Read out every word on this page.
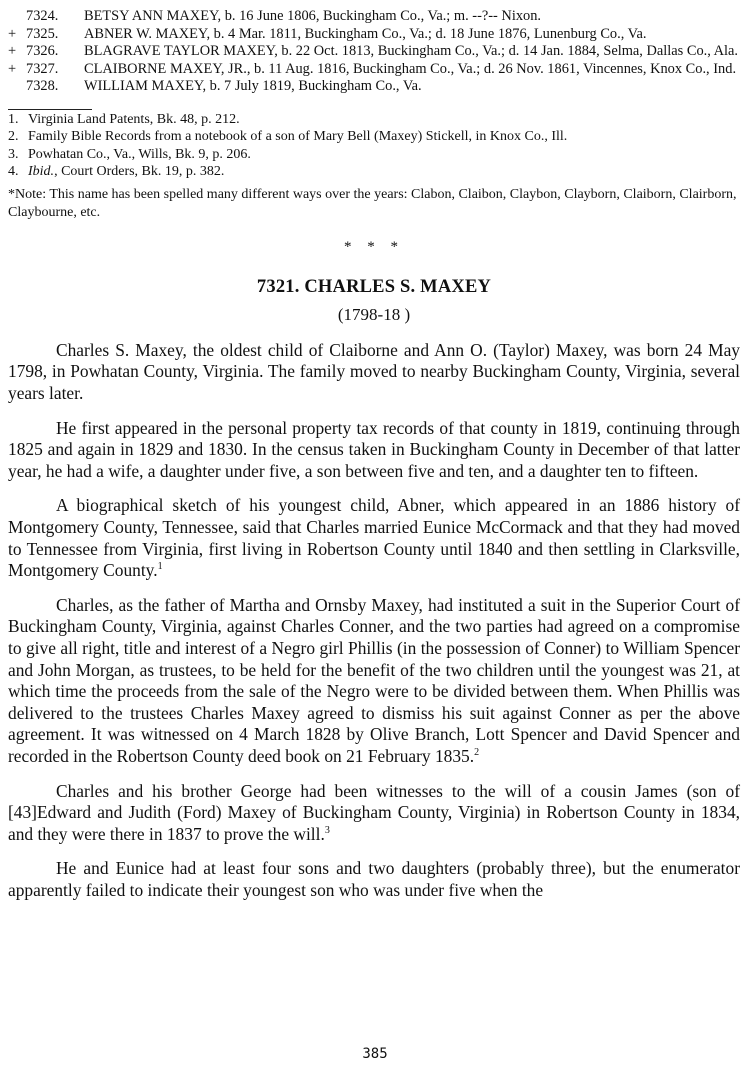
7324.	BETSY ANN MAXEY, b. 16 June 1806, Buckingham Co., Va.; m. --?-- Nixon.
+ 7325.	ABNER W. MAXEY, b. 4 Mar. 1811, Buckingham Co., Va.; d. 18 June 1876, Lunenburg Co., Va.
+ 7326.	BLAGRAVE TAYLOR MAXEY, b. 22 Oct. 1813, Buckingham Co., Va.; d. 14 Jan. 1884, Selma, Dallas Co., Ala.
+ 7327.	CLAIBORNE MAXEY, JR., b. 11 Aug. 1816, Buckingham Co., Va.; d. 26 Nov. 1861, Vincennes, Knox Co., Ind.
7328.	WILLIAM MAXEY, b. 7 July 1819, Buckingham Co., Va.
1. Virginia Land Patents, Bk. 48, p. 212.
2. Family Bible Records from a notebook of a son of Mary Bell (Maxey) Stickell, in Knox Co., Ill.
3. Powhatan Co., Va., Wills, Bk. 9, p. 206.
4. Ibid., Court Orders, Bk. 19, p. 382.
*Note: This name has been spelled many different ways over the years: Clabon, Claibon, Claybon, Clayborn, Claiborn, Clairborn, Claybourne, etc.
* * *
7321. CHARLES S. MAXEY
(1798-18 )

Charles S. Maxey, the oldest child of Claiborne and Ann O. (Taylor) Maxey, was born 24 May 1798, in Powhatan County, Virginia. The family moved to nearby Buckingham County, Virginia, several years later.

He first appeared in the personal property tax records of that county in 1819, continuing through 1825 and again in 1829 and 1830. In the census taken in Buckingham County in December of that latter year, he had a wife, a daughter under five, a son between five and ten, and a daughter ten to fifteen.

A biographical sketch of his youngest child, Abner, which appeared in an 1886 history of Montgomery County, Tennessee, said that Charles married Eunice McCormack and that they had moved to Tennessee from Virginia, first living in Robertson County until 1840 and then settling in Clarksville, Montgomery County.$^1$

Charles, as the father of Martha and Ornsby Maxey, had instituted a suit in the Superior Court of Buckingham County, Virginia, against Charles Conner, and the two parties had agreed on a compromise to give all right, title and interest of a Negro girl Phillis (in the possession of Conner) to William Spencer and John Morgan, as trustees, to be held for the benefit of the two children until the youngest was 21, at which time the proceeds from the sale of the Negro were to be divided between them. When Phillis was delivered to the trustees Charles Maxey agreed to dismiss his suit against Conner as per the above agreement. It was witnessed on 4 March 1828 by Olive Branch, Lott Spencer and David Spencer and recorded in the Robertson County deed book on 21 February 1835.$^2$

Charles and his brother George had been witnesses to the will of a cousin James (son of [43]Edward and Judith (Ford) Maxey of Buckingham County, Virginia) in Robertson County in 1834, and they were there in 1837 to prove the will.$^3$

He and Eunice had at least four sons and two daughters (probably three), but the enumerator apparently failed to indicate their youngest son who was under five when the

385
